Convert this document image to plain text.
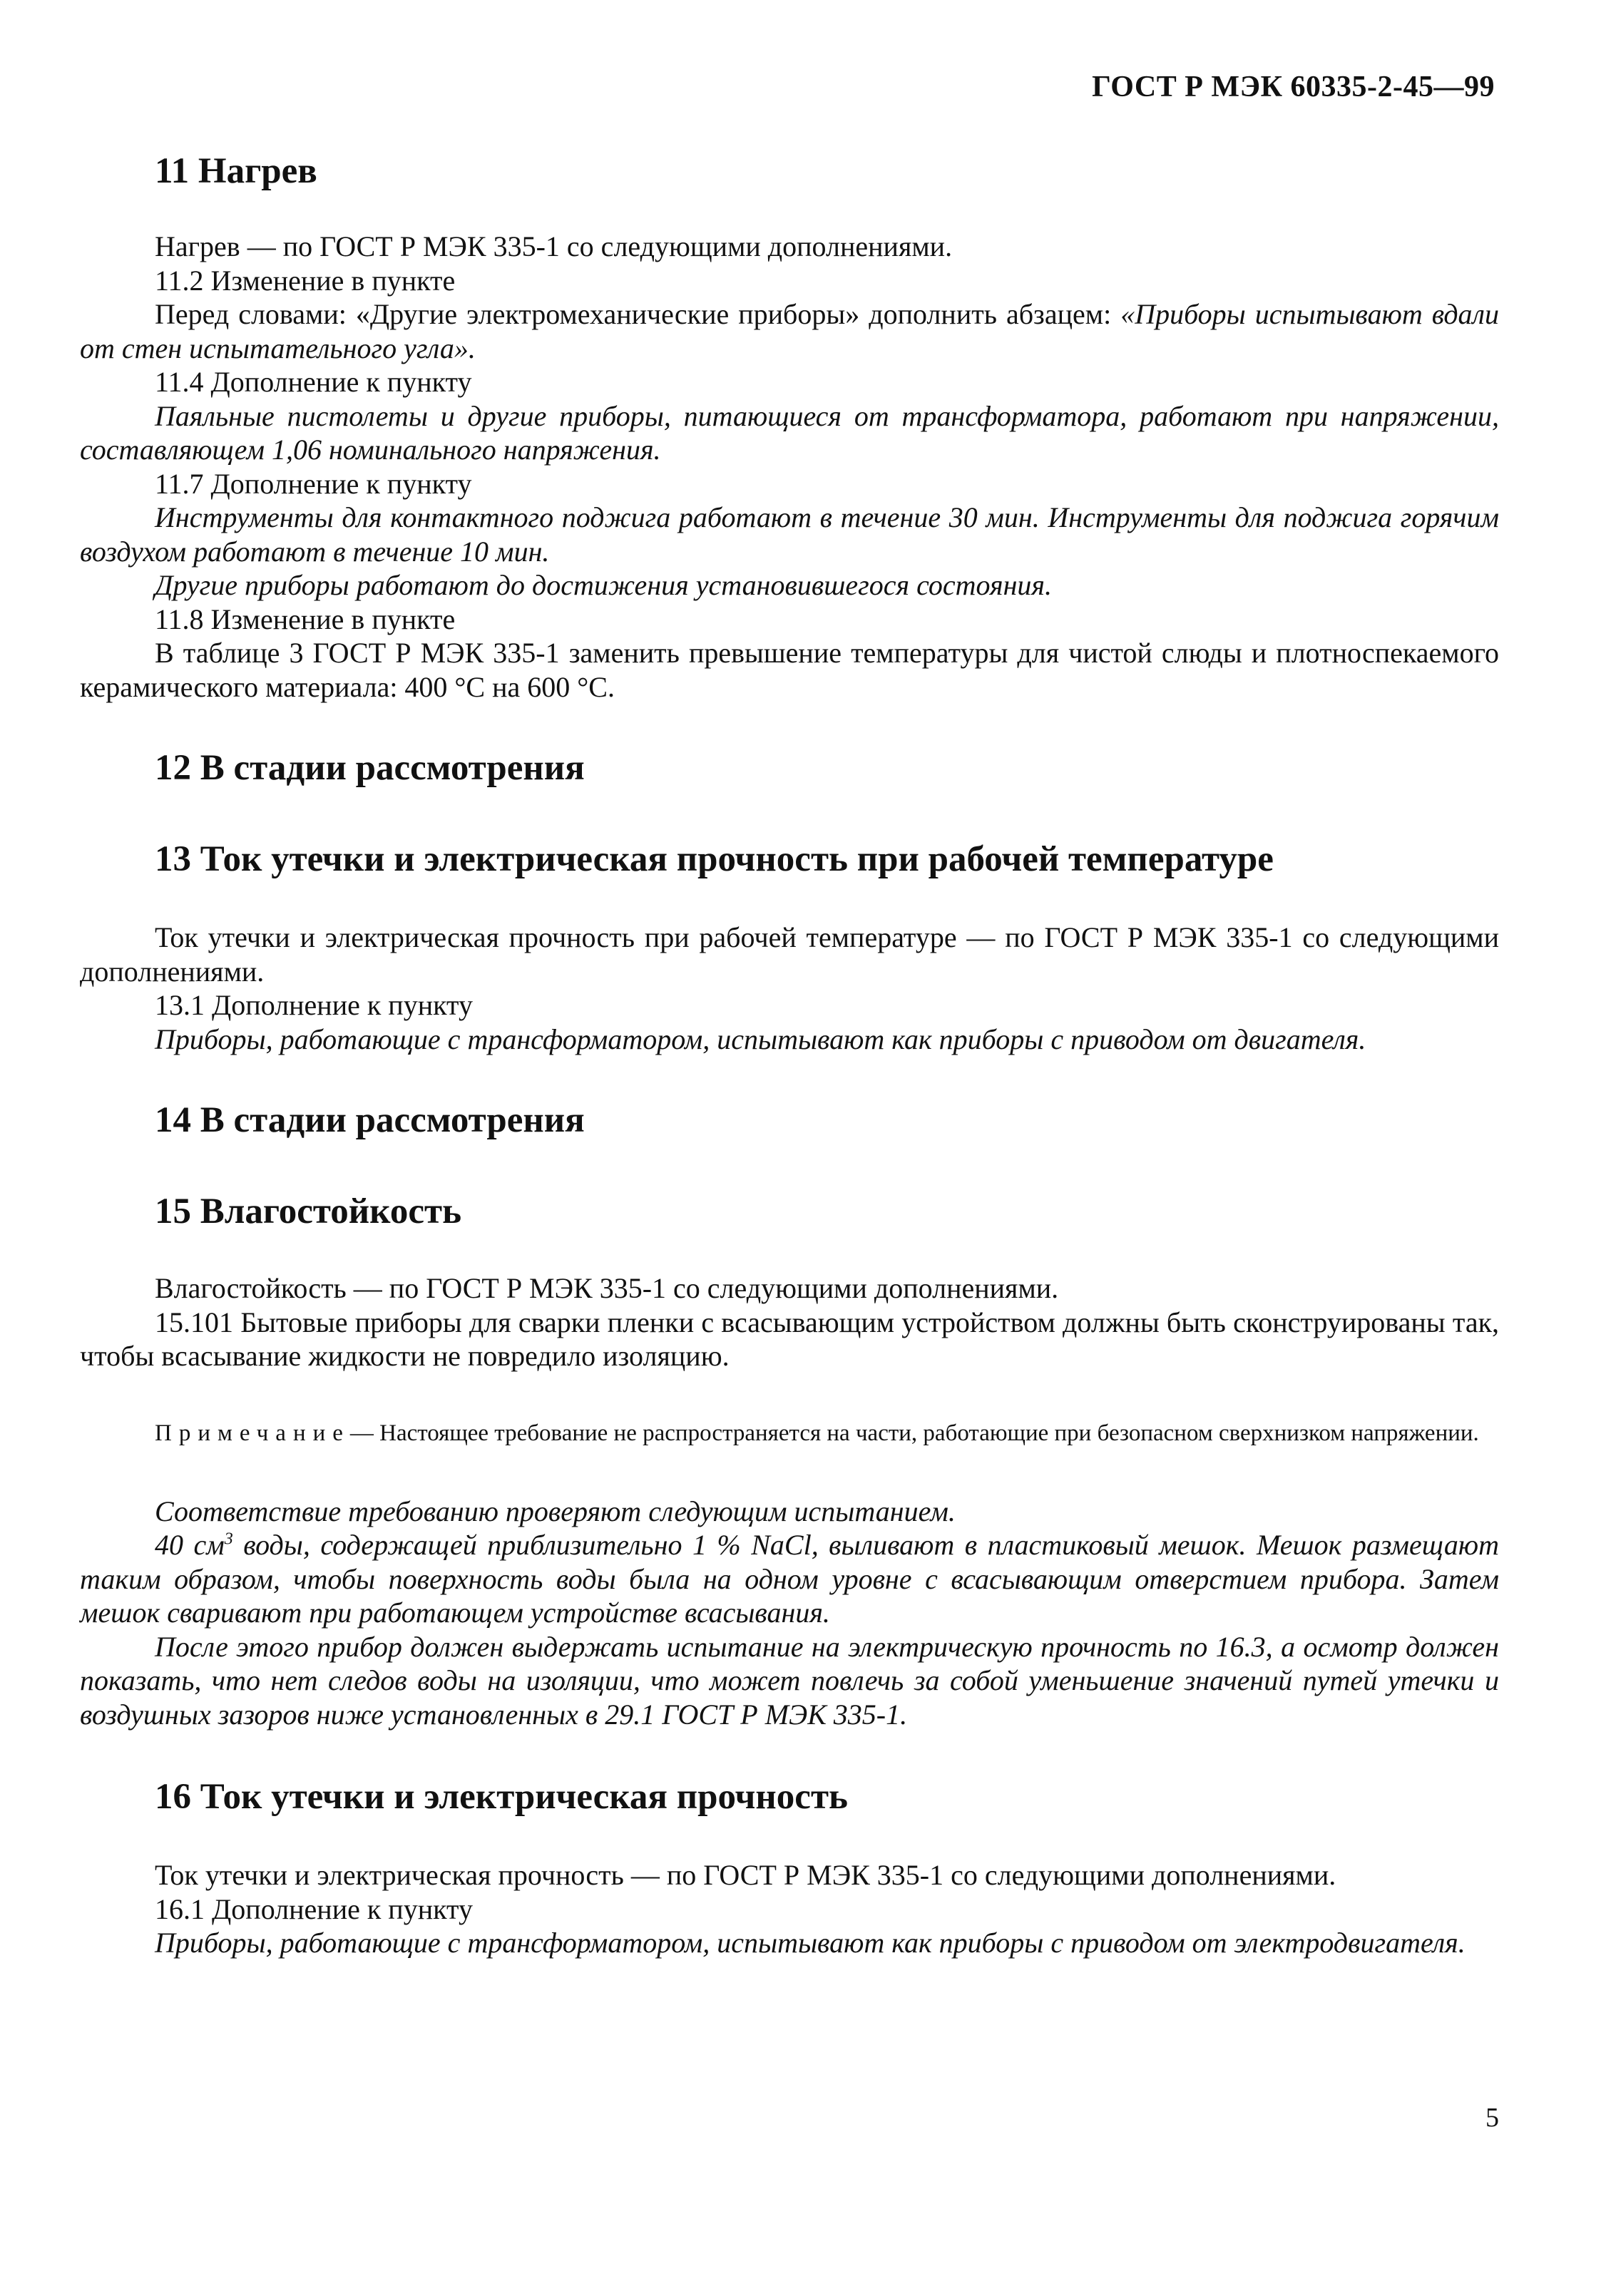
ГОСТ Р МЭК 60335-2-45—99
11 Нагрев

Нагрев — по ГОСТ Р МЭК 335-1 со следующими дополнениями.

11.2 Изменение в пункте

Перед словами: «Другие электромеханические приборы» дополнить абзацем: «Приборы испытывают вдали от стен испытательного угла».

11.4 Дополнение к пункту

Паяльные пистолеты и другие приборы, питающиеся от трансформатора, работают при напряжении, составляющем 1,06 номинального напряжения.

11.7 Дополнение к пункту

Инструменты для контактного поджига работают в течение 30 мин. Инструменты для поджига горячим воздухом работают в течение 10 мин.

Другие приборы работают до достижения установившегося состояния.

11.8 Изменение в пункте

В таблице 3 ГОСТ Р МЭК 335-1 заменить превышение температуры для чистой слюды и плотноспекаемого керамического материала: 400 °С на 600 °С.

12 В стадии рассмотрения
13 Ток утечки и электрическая прочность при рабочей температуре

Ток утечки и электрическая прочность при рабочей температуре — по ГОСТ Р МЭК 335-1 со следующими дополнениями.

13.1 Дополнение к пункту

Приборы, работающие с трансформатором, испытывают как приборы с приводом от двигателя.

14 В стадии рассмотрения
15 Влагостойкость

Влагостойкость — по ГОСТ Р МЭК 335-1 со следующими дополнениями.

15.101 Бытовые приборы для сварки пленки с всасывающим устройством должны быть сконструированы так, чтобы всасывание жидкости не повредило изоляцию.

Примечание— Настоящее требование не распространяется на части, работающие при безопасном сверхнизком напряжении.

Соответствие требованию проверяют следующим испытанием.

40 $см^3$ воды, содержащей приблизительно 1 % NaCl, выливают в пластиковый мешок. Мешок размещают таким образом, чтобы поверхность воды была на одном уровне с всасывающим отверстием прибора. Затем мешок сваривают при работающем устройстве всасывания.

После этого прибор должен выдержать испытание на электрическую прочность по 16.3, а осмотр должен показать, что нет следов воды на изоляции, что может повлечь за собой уменьшение значений путей утечки и воздушных зазоров ниже установленных в 29.1 ГОСТ Р МЭК 335-1.

16 Ток утечки и электрическая прочность

Ток утечки и электрическая прочность — по ГОСТ Р МЭК 335-1 со следующими дополнениями.

16.1 Дополнение к пункту

Приборы, работающие с трансформатором, испытывают как приборы с приводом от электродвигателя.

5
